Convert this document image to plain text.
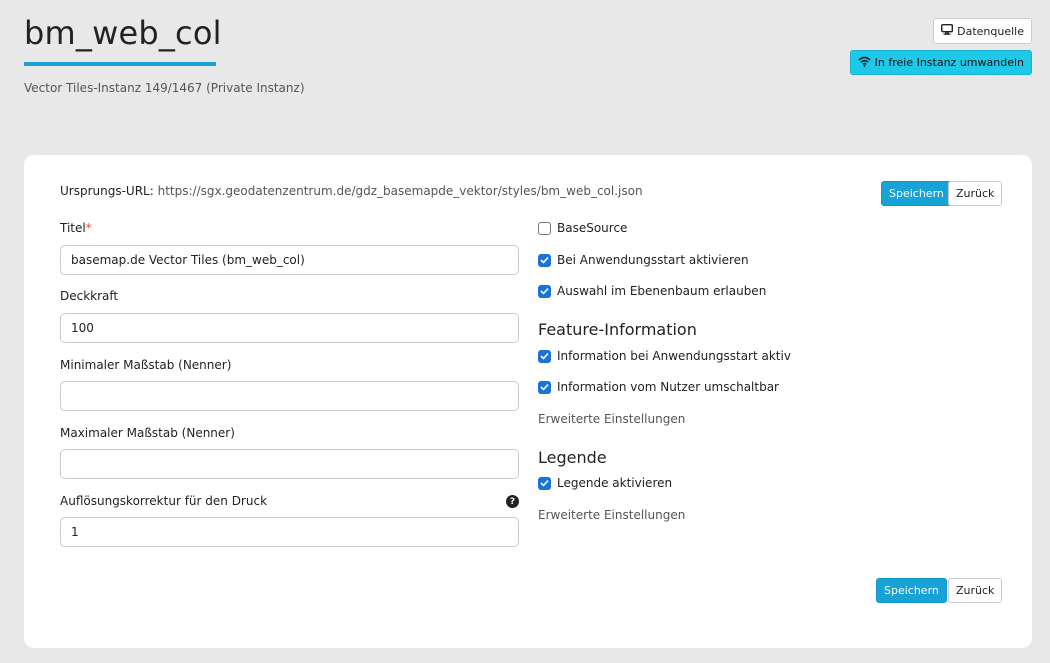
bm_web_col
Vector Tiles-Instanz 149/1467 (Private Instanz)
Datenquelle
In freie Instanz umwandeln
Ursprungs-URL: https://sgx.geodatenzentrum.de/gdz_basemapde_vektor/styles/bm_web_col.json	Speichern	Zurück
Titel*
basemap.de Vector Tiles (bm_web_col)
Deckkraft
100
Minimaler Maßstab (Nenner)
Maximaler Maßstab (Nenner)
Auflösungskorrektur für den Druck	?
1
BaseSource
Bei Anwendungsstart aktivieren
Auswahl im Ebenenbaum erlauben
Feature-Information
Information bei Anwendungsstart aktiv
Information vom Nutzer umschaltbar
Erweiterte Einstellungen
Legende
Legende aktivieren
Erweiterte Einstellungen
Speichern	Zurück
